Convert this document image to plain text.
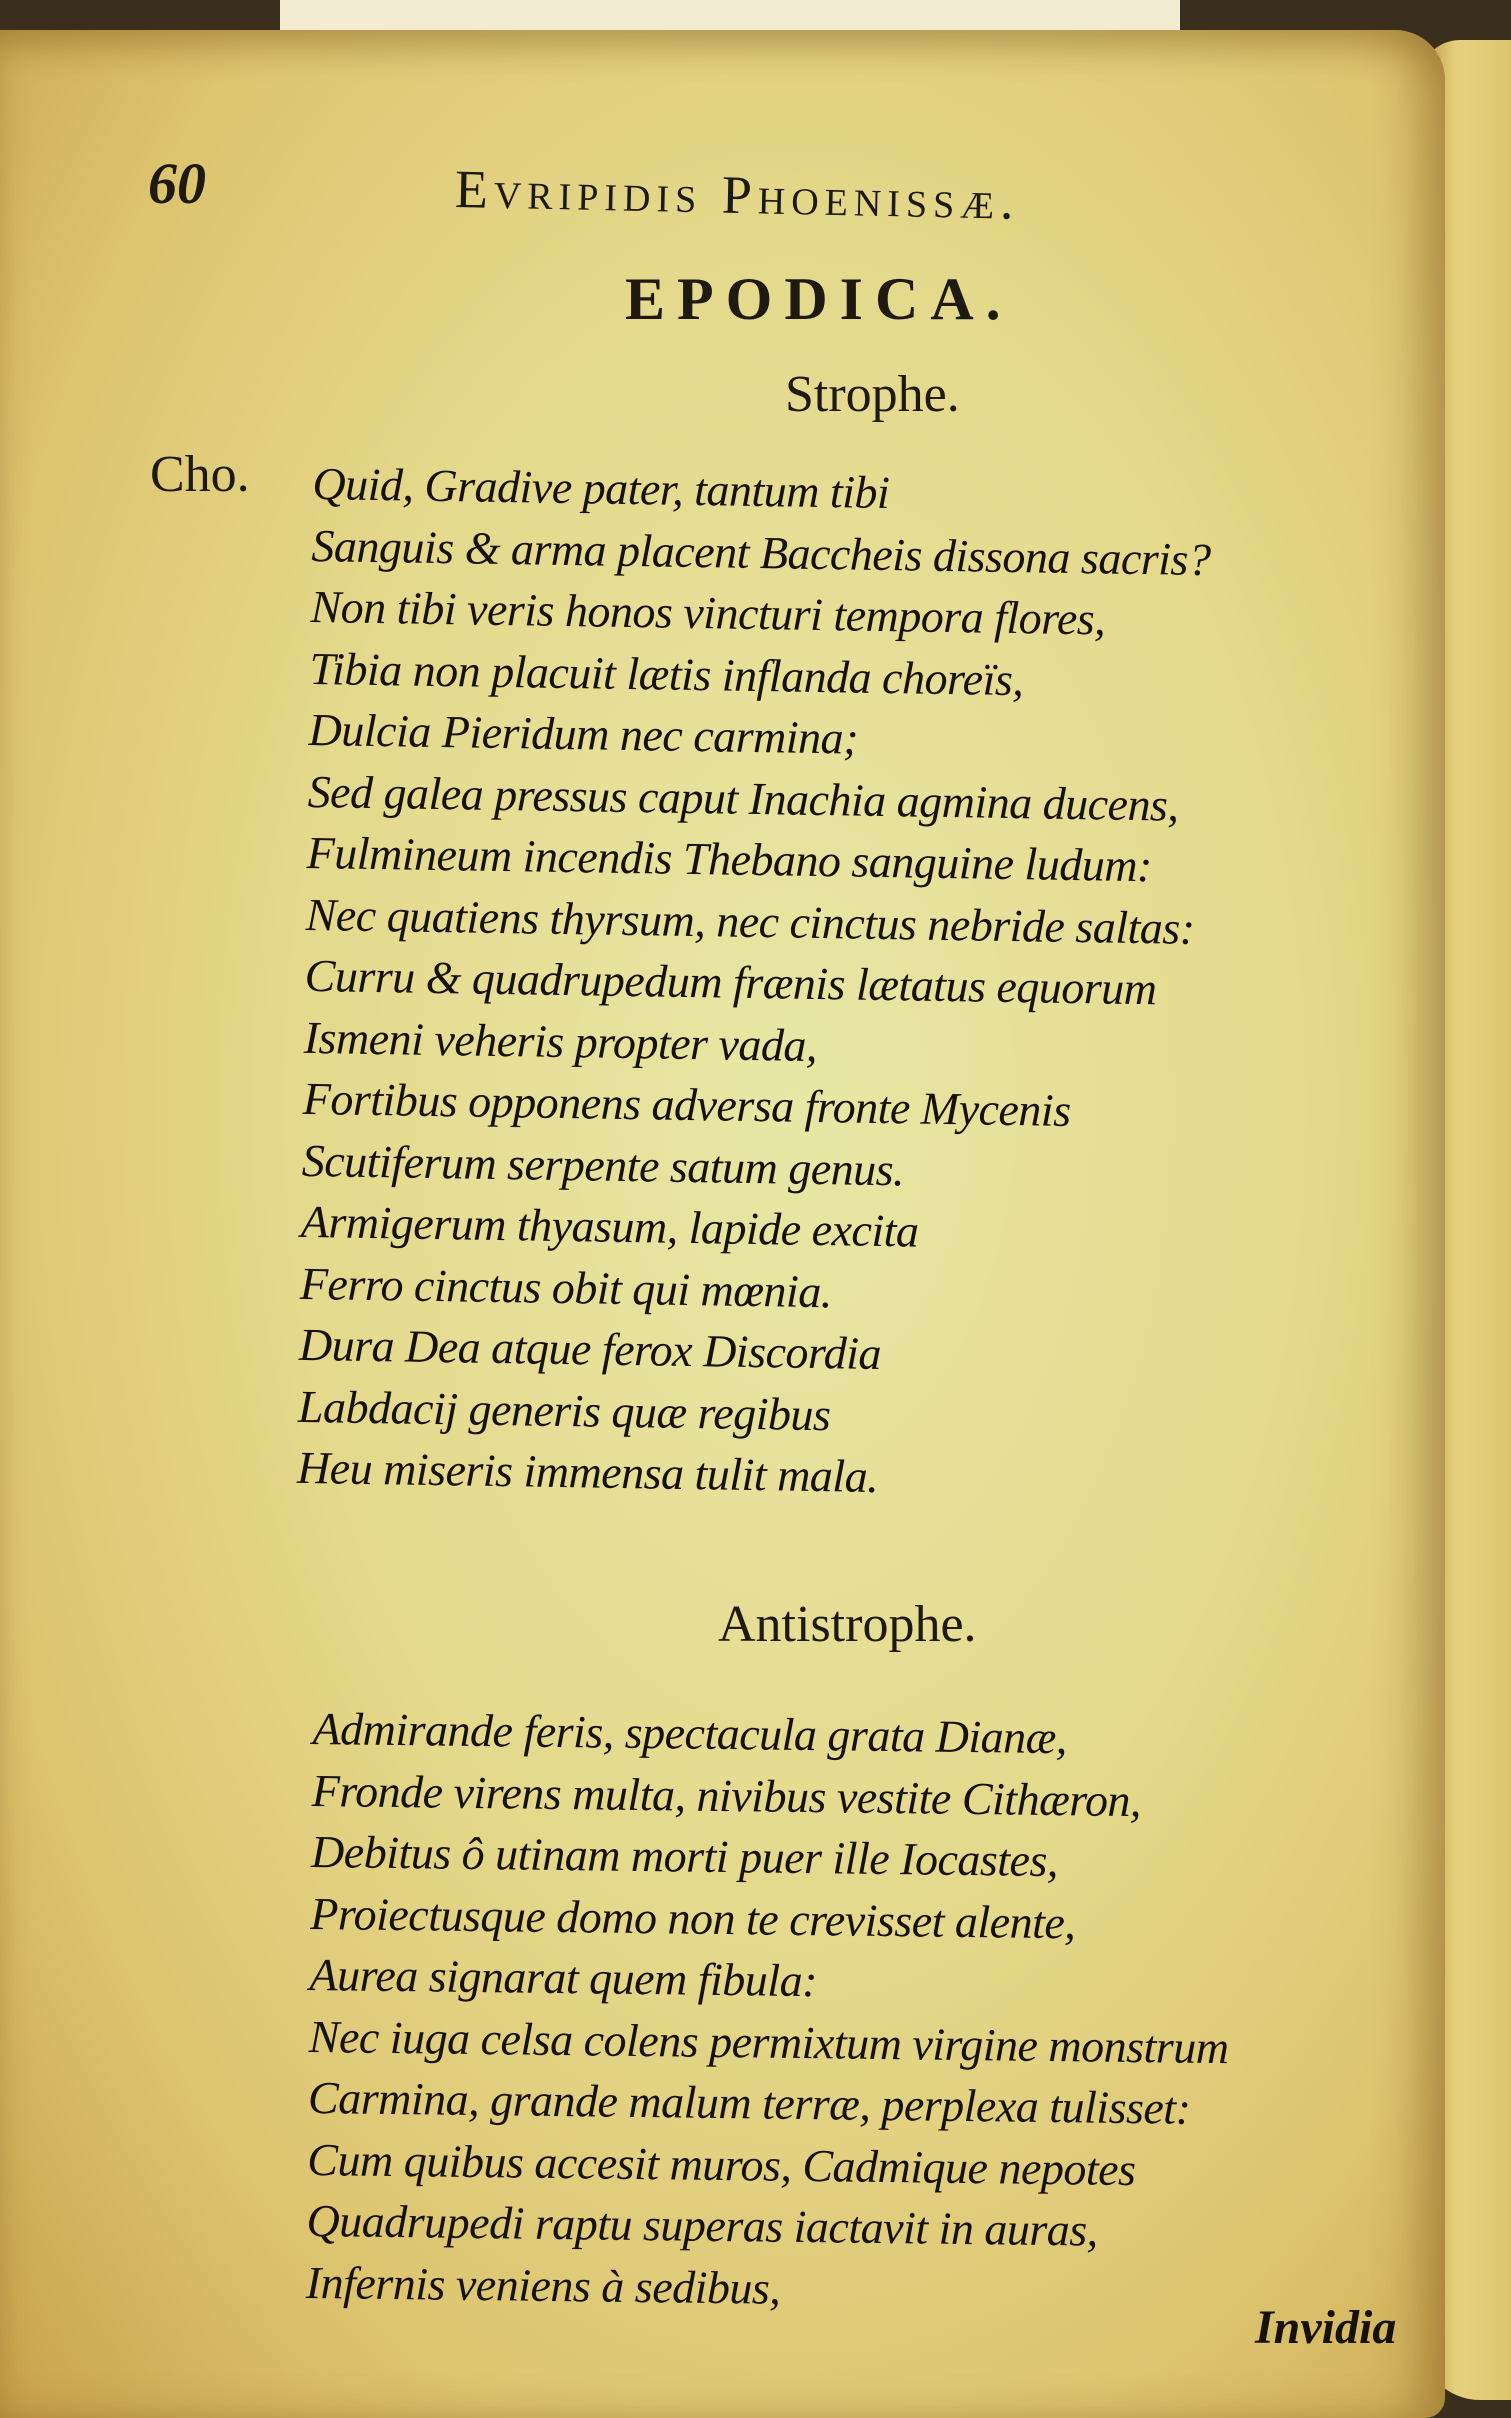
60	Evripidis Phoenissæ.
EPODICA.
Strophe.
Cho. Quid, Gradive pater, tantum tibi
Sanguis & arma placent Baccheis dissona sacris?
Non tibi veris honos vincturi tempora flores,
Tibia non placuit lætis inflanda choreïs,
Dulcia Pieridum nec carmina;
Sed galea pressus caput Inachia agmina ducens,
Fulmineum incendis Thebano sanguine ludum:
Nec quatiens thyrsum, nec cinctus nebride saltas:
Curru & quadrupedum frænis lætatus equorum
Ismeni veheris propter vada,
Fortibus opponens adversa fronte Mycenis
Scutiferum serpente satum genus.
Armigerum thyasum, lapide excita
Ferro cinctus obit qui mœnia.
Dura Dea atque ferox Discordia
Labdacij generis quæ regibus
Heu miseris immensa tulit mala.
Antistrophe.
Admirande feris, spectacula grata Dianæ,
Fronde virens multa, nivibus vestite Cithæron,
Debitus ô utinam morti puer ille Iocastes,
Proiectusque domo non te crevisset alente,
Aurea signarat quem fibula:
Nec iuga celsa colens permixtum virgine monstrum
Carmina, grande malum terræ, perplexa tulisset:
Cum quibus accesit muros, Cadmique nepotes
Quadrupedi raptu superas iactavit in auras,
Infernis veniens à sedibus,
Invidia
